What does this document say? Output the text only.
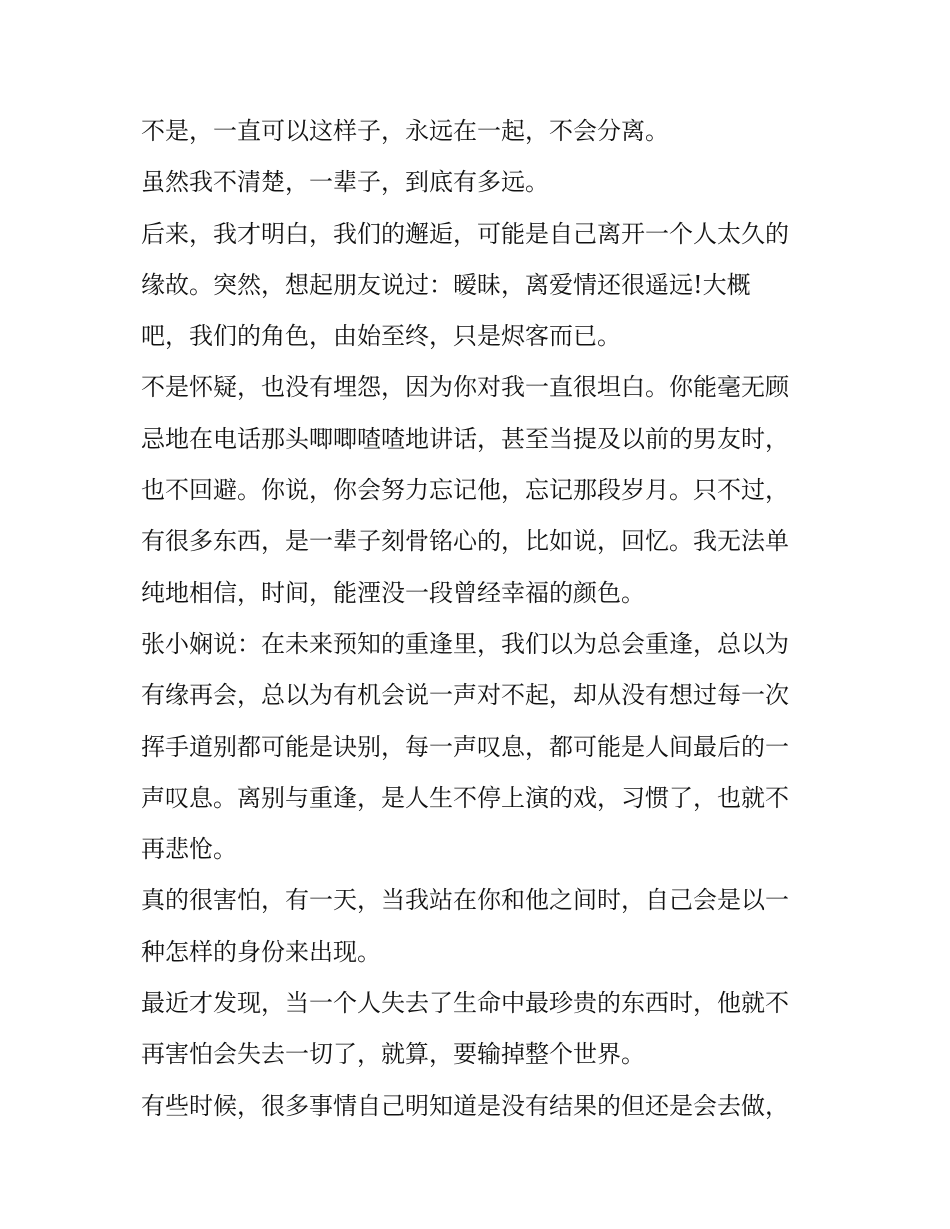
不是，一直可以这样子，永远在一起，不会分离。
虽然我不清楚，一辈子，到底有多远。
后来，我才明白，我们的邂逅，可能是自己离开一个人太久的
缘故。突然，想起朋友说过：暧昧，离爱情还很遥远!大概
吧，我们的角色，由始至终，只是烬客而已。
不是怀疑，也没有埋怨，因为你对我一直很坦白。你能毫无顾
忌地在电话那头唧唧喳喳地讲话，甚至当提及以前的男友时，
也不回避。你说，你会努力忘记他，忘记那段岁月。只不过，
有很多东西，是一辈子刻骨铭心的，比如说，回忆。我无法单
纯地相信，时间，能湮没一段曾经幸福的颜色。
张小娴说：在未来预知的重逢里，我们以为总会重逢，总以为
有缘再会，总以为有机会说一声对不起，却从没有想过每一次
挥手道别都可能是诀别，每一声叹息，都可能是人间最后的一
声叹息。离别与重逢，是人生不停上演的戏，习惯了，也就不
再悲怆。
真的很害怕，有一天，当我站在你和他之间时，自己会是以一
种怎样的身份来出现。
最近才发现，当一个人失去了生命中最珍贵的东西时，他就不
再害怕会失去一切了，就算，要输掉整个世界。
有些时候，很多事情自己明知道是没有结果的但还是会去做，
